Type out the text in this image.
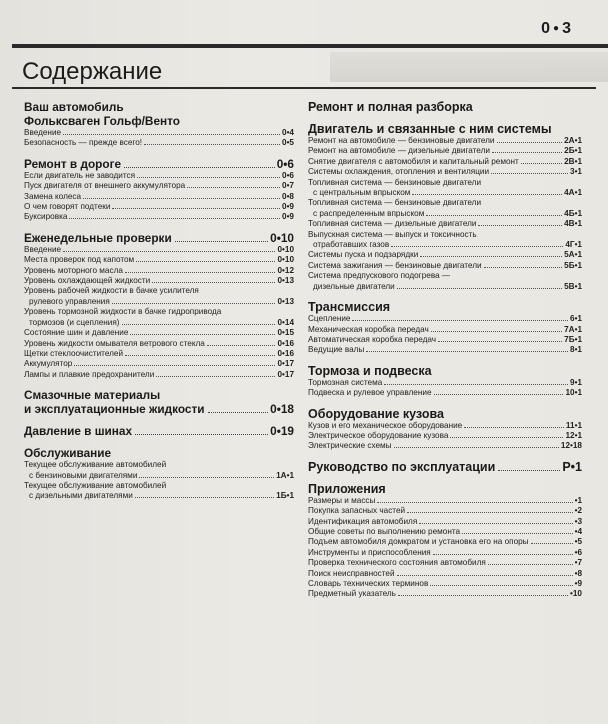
0 ● 3
Содержание
Ваш автомобиль
Фольксваген Гольф/Венто
Введение	0•4
Безопасность — прежде всего!	0•5
Ремонт в дороге	0•6
Если двигатель не заводится	0•6
Пуск двигателя от внешнего аккумулятора	0•7
Замена колеса	0•8
О чем говорят подтеки	0•9
Буксировка	0•9
Еженедельные проверки	0•10
Введение	0•10
Места проверок под капотом	0•10
Уровень моторного масла	0•12
Уровень охлаждающей жидкости	0•13
Уровень рабочей жидкости в бачке усилителя
рулевого управления	0•13
Уровень тормозной жидкости в бачке гидропривода
тормозов (и сцепления)	0•14
Состояние шин и давление	0•15
Уровень жидкости омывателя ветрового стекла	0•16
Щетки стеклоочистителей	0•16
Аккумулятор	0•17
Лампы и плавкие предохранители	0•17
Смазочные материалы
и эксплуатационные жидкости	0•18
Давление в шинах	0•19
Обслуживание
Текущее обслуживание автомобилей
с бензиновыми двигателями	1А•1
Текущее обслуживание автомобилей
с дизельными двигателями	1Б•1
Ремонт и полная разборка
Двигатель и связанные с ним системы
Ремонт на автомобиле — бензиновые двигатели	2А•1
Ремонт на автомобиле — дизельные двигатели	2Б•1
Снятие двигателя с автомобиля и капитальный ремонт	2В•1
Системы охлаждения, отопления и вентиляции	3•1
Топливная система — бензиновые двигатели
с центральным впрыском	4А•1
Топливная система — бензиновые двигатели
с распределенным впрыском	4Б•1
Топливная система — дизельные двигатели	4В•1
Выпускная система — выпуск и токсичность
отработавших газов	4Г•1
Системы пуска и подзарядки	5А•1
Система зажигания — бензиновые двигатели	5Б•1
Система предпускового подогрева —
дизельные двигатели	5В•1
Трансмиссия
Сцепление	6•1
Механическая коробка передач	7А•1
Автоматическая коробка передач	7Б•1
Ведущие валы	8•1
Тормоза и подвеска
Тормозная система	9•1
Подвеска и рулевое управление	10•1
Оборудование кузова
Кузов и его механическое оборудование	11•1
Электрическое оборудование кузова	12•1
Электрические схемы	12•18
Руководство по эксплуатации	Р•1
Приложения
Размеры и массы	•1
Покупка запасных частей	•2
Идентификация автомобиля	•3
Общие советы по выполнению ремонта	•4
Подъем автомобиля домкратом и установка его на опоры	•5
Инструменты и приспособления	•6
Проверка технического состояния автомобиля	•7
Поиск неисправностей	•8
Словарь технических терминов	•9
Предметный указатель	•10
